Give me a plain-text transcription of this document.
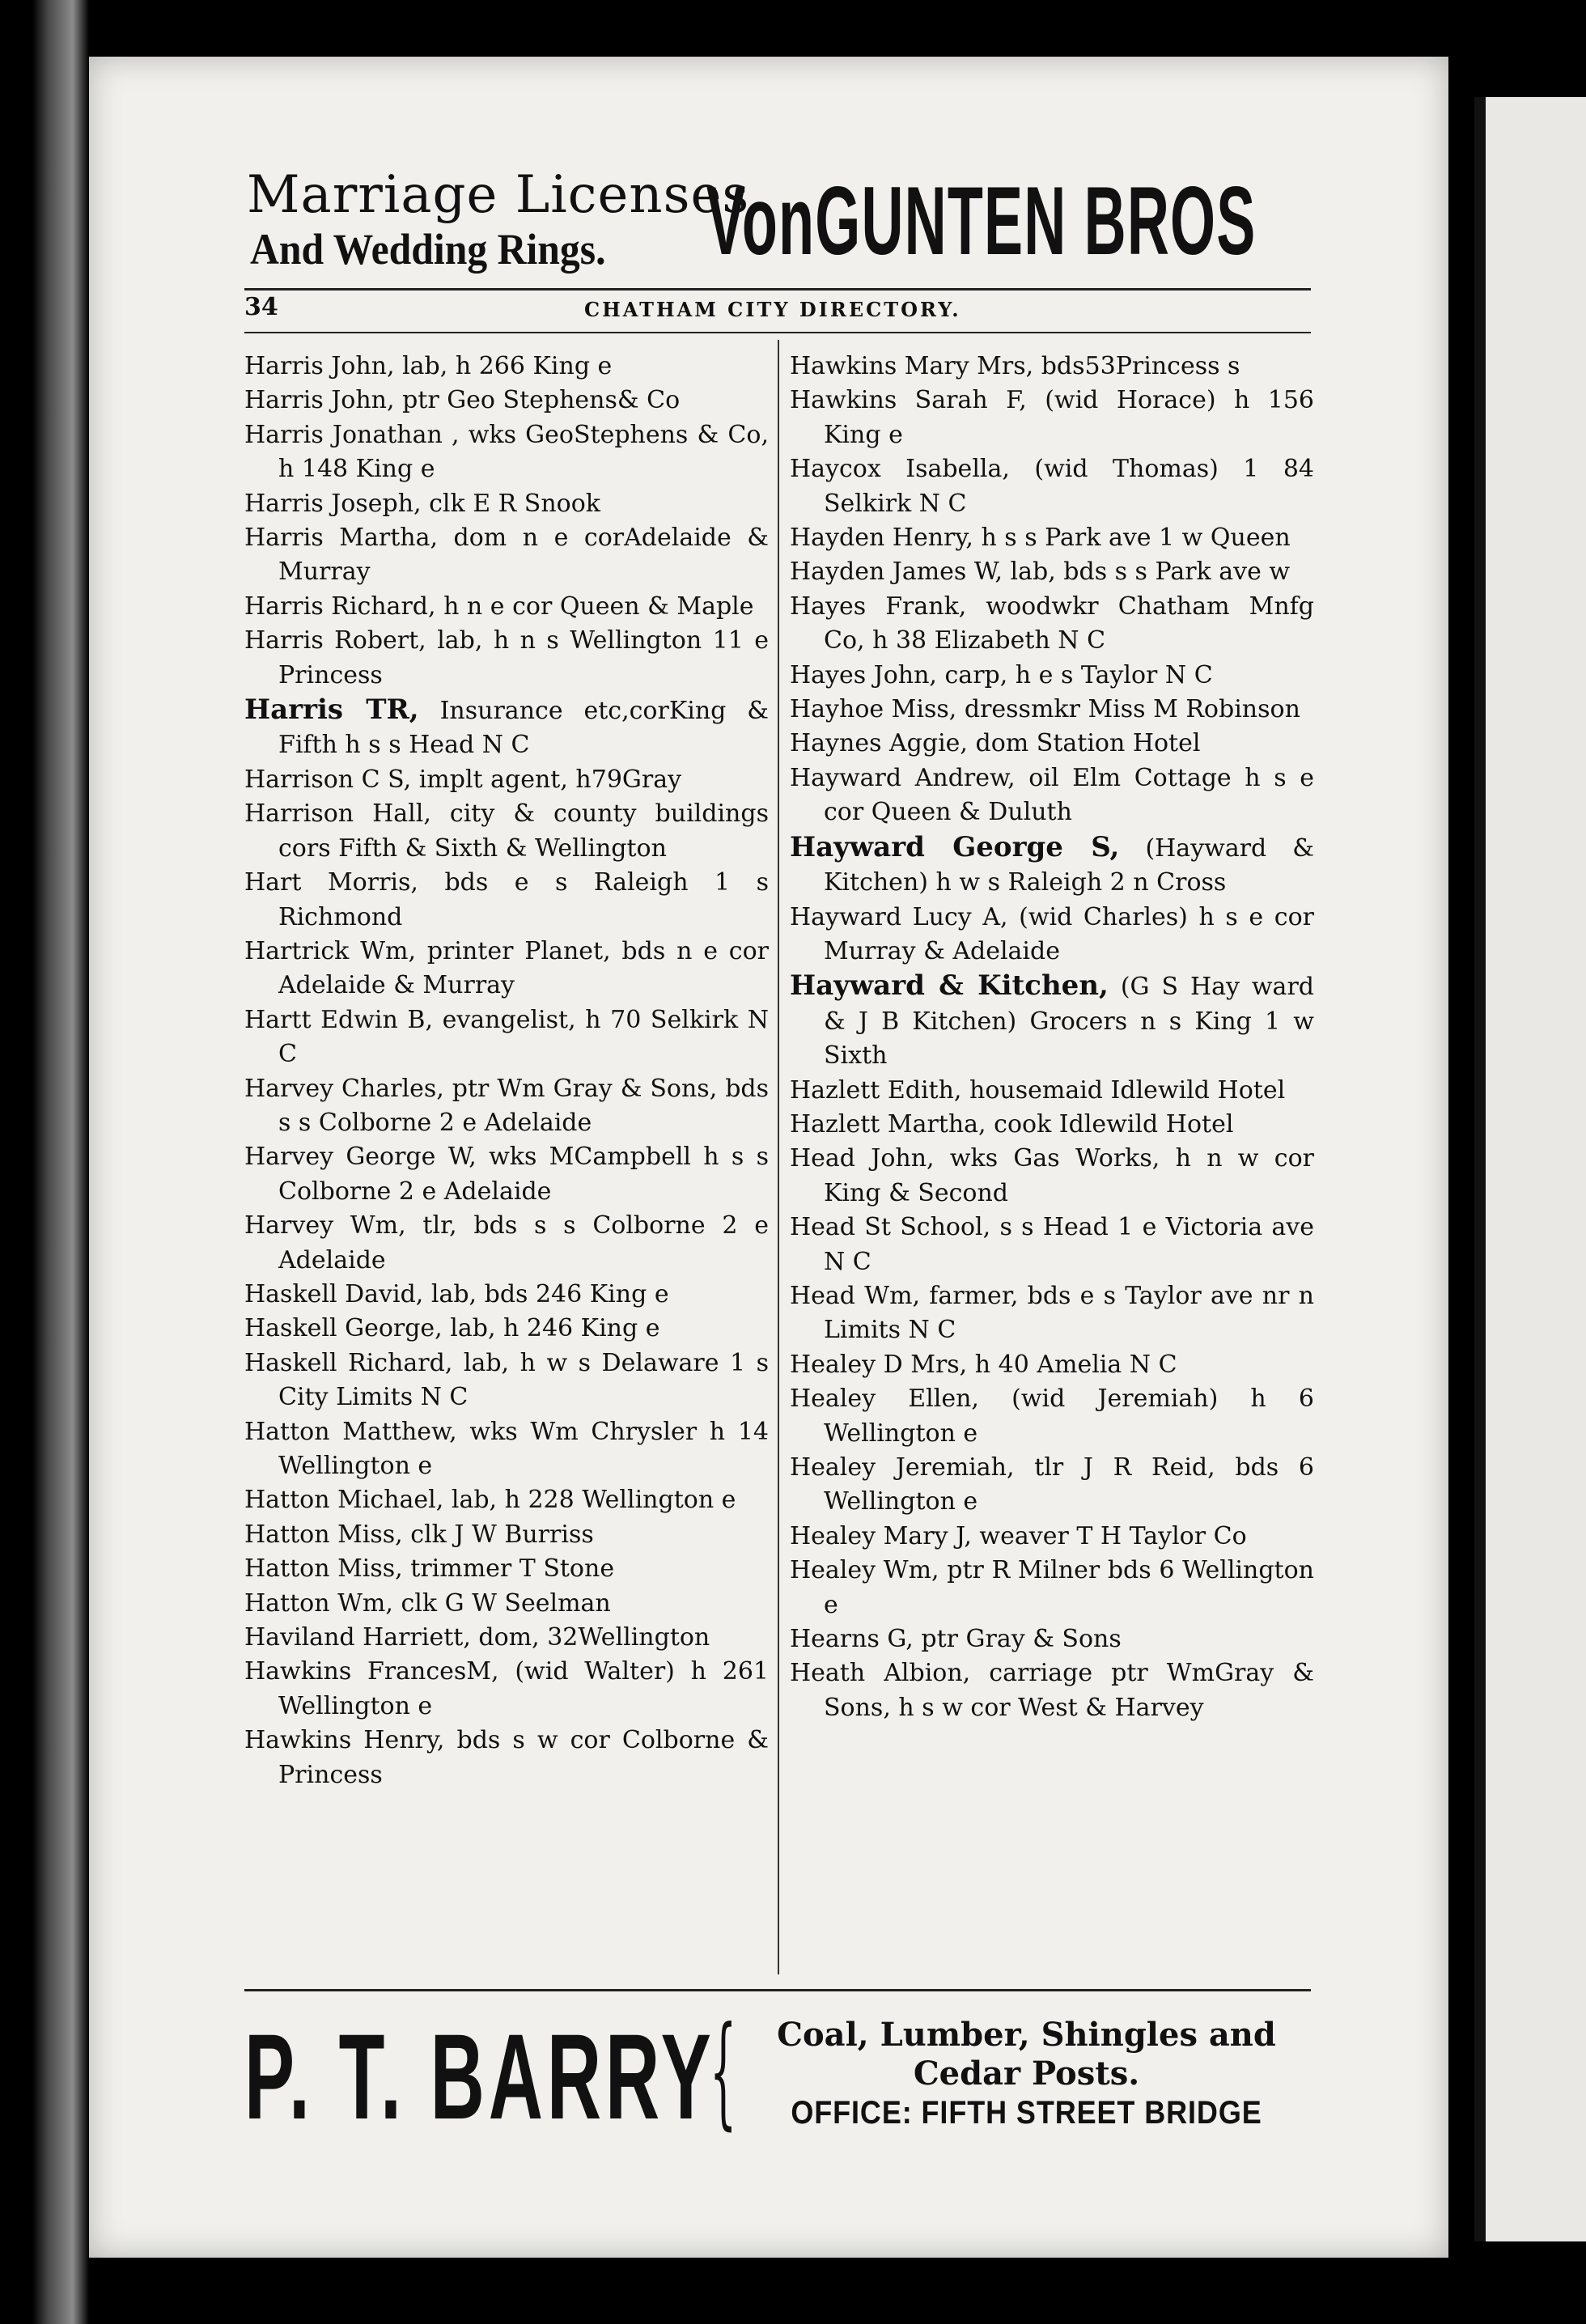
Marriage Licenses
And Wedding Rings.	VonGUNTEN BROS
34	CHATHAM CITY DIRECTORY.
Harris John, lab, h 266 King e
Harris John, ptr Geo Stephens& Co
Harris Jonathan , wks GeoStephens & Co, h 148 King e
Harris Joseph, clk E R Snook
Harris Martha, dom n e corAdelaide & Murray
Harris Richard, h n e cor Queen & Maple
Harris Robert, lab, h n s Wellington 11 e Princess
Harris TR, Insurance etc,corKing & Fifth h s s Head N C
Harrison C S, implt agent, h79Gray
Harrison Hall, city & county buildings cors Fifth & Sixth & Wellington
Hart Morris, bds e s Raleigh 1 s Richmond
Hartrick Wm, printer Planet, bds n e cor Adelaide & Murray
Hartt Edwin B, evangelist, h 70 Selkirk N C
Harvey Charles, ptr Wm Gray & Sons, bds s s Colborne 2 e Adelaide
Harvey George W, wks MCampbell h s s Colborne 2 e Adelaide
Harvey Wm, tlr, bds s s Colborne 2 e Adelaide
Haskell David, lab, bds 246 King e
Haskell George, lab, h 246 King e
Haskell Richard, lab, h w s Delaware 1 s City Limits N C
Hatton Matthew, wks Wm Chrysler h 14 Wellington e
Hatton Michael, lab, h 228 Wellington e
Hatton Miss, clk J W Burriss
Hatton Miss, trimmer T Stone
Hatton Wm, clk G W Seelman
Haviland Harriett, dom, 32Wellington
Hawkins FrancesM, (wid Walter) h 261 Wellington e
Hawkins Henry, bds s w cor Colborne & Princess
Hawkins Mary Mrs, bds53Princess s
Hawkins Sarah F, (wid Horace) h 156 King e
Haycox Isabella, (wid Thomas) 1 84 Selkirk N C
Hayden Henry, h s s Park ave 1 w Queen
Hayden James W, lab, bds s s Park ave w
Hayes Frank, woodwkr Chatham Mnfg Co, h 38 Elizabeth N C
Hayes John, carp, h e s Taylor N C
Hayhoe Miss, dressmkr Miss M Robinson
Haynes Aggie, dom Station Hotel
Hayward Andrew, oil Elm Cottage h s e cor Queen & Duluth
Hayward George S, (Hayward & Kitchen) h w s Raleigh 2 n Cross
Hayward Lucy A, (wid Charles) h s e cor Murray & Adelaide
Hayward & Kitchen, (G S Hay ward & J B Kitchen) Grocers n s King 1 w Sixth
Hazlett Edith, housemaid Idlewild Hotel
Hazlett Martha, cook Idlewild Hotel
Head John, wks Gas Works, h n w cor King & Second
Head St School, s s Head 1 e Victoria ave N C
Head Wm, farmer, bds e s Taylor ave nr n Limits N C
Healey D Mrs, h 40 Amelia N C
Healey Ellen, (wid Jeremiah) h 6 Wellington e
Healey Jeremiah, tlr J R Reid, bds 6 Wellington e
Healey Mary J, weaver T H Taylor Co
Healey Wm, ptr R Milner bds 6 Wellington e
Hearns G, ptr Gray & Sons
Heath Albion, carriage ptr WmGray & Sons, h s w cor West & Harvey
P. T. BARRY
{	Coal, Lumber, Shingles and
Cedar Posts.
OFFICE: FIFTH STREET BRIDGE
